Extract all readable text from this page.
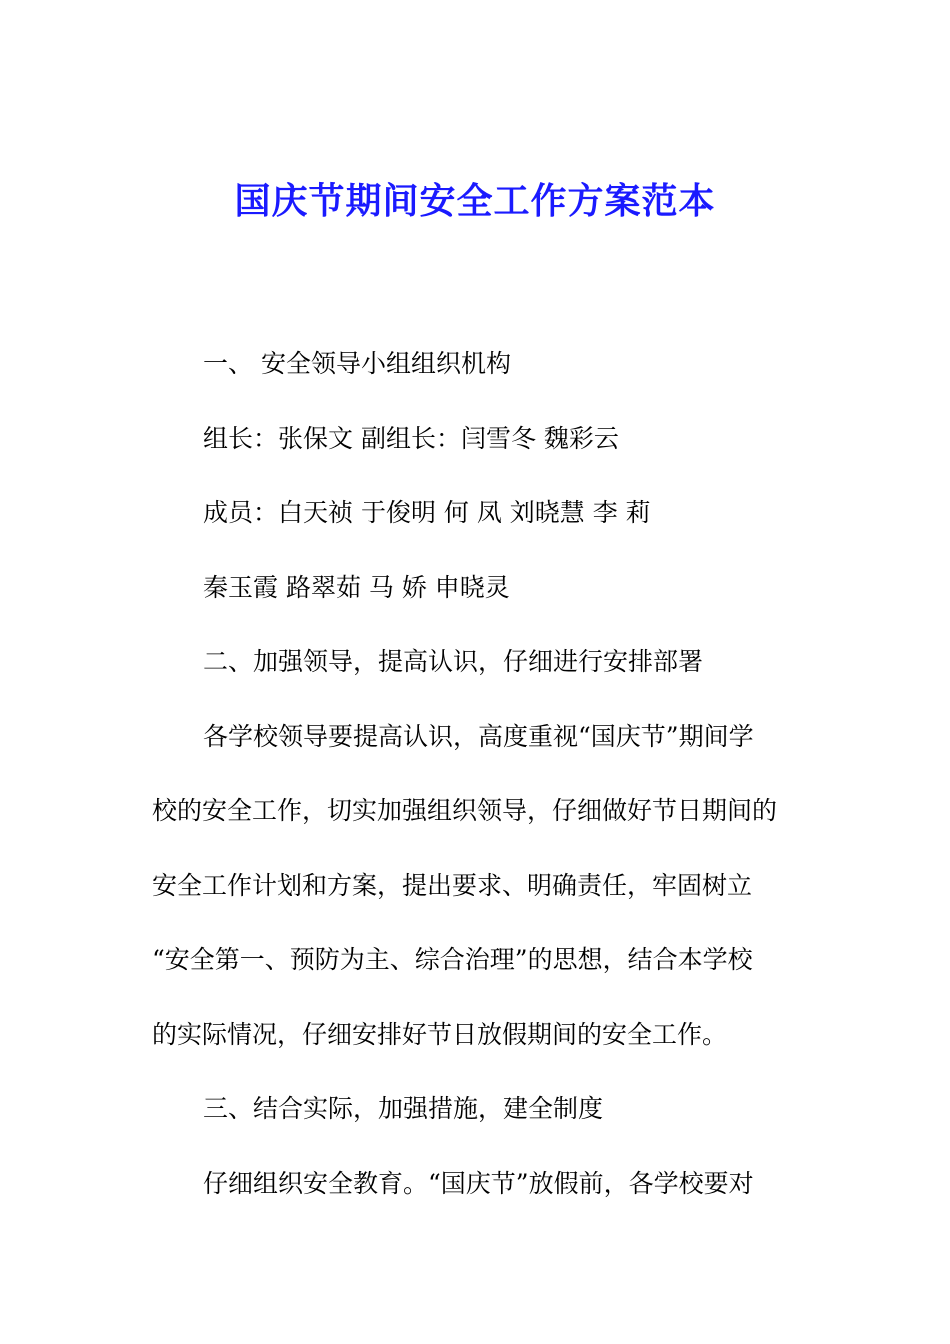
国庆节期间安全工作方案范本
一、 安全领导小组组织机构
组长：张保文 副组长：闫雪冬 魏彩云
成员：白天祯 于俊明 何 凤 刘晓慧 李 莉
秦玉霞 路翠茹 马 娇 申晓灵
二、加强领导，提高认识，仔细进行安排部署
各学校领导要提高认识，高度重视“国庆节”期间学
校的安全工作，切实加强组织领导，仔细做好节日期间的
安全工作计划和方案，提出要求、明确责任，牢固树立
“安全第一、预防为主、综合治理”的思想，结合本学校
的实际情况，仔细安排好节日放假期间的安全工作。
三、结合实际，加强措施，建全制度
仔细组织安全教育。“国庆节”放假前，各学校要对
